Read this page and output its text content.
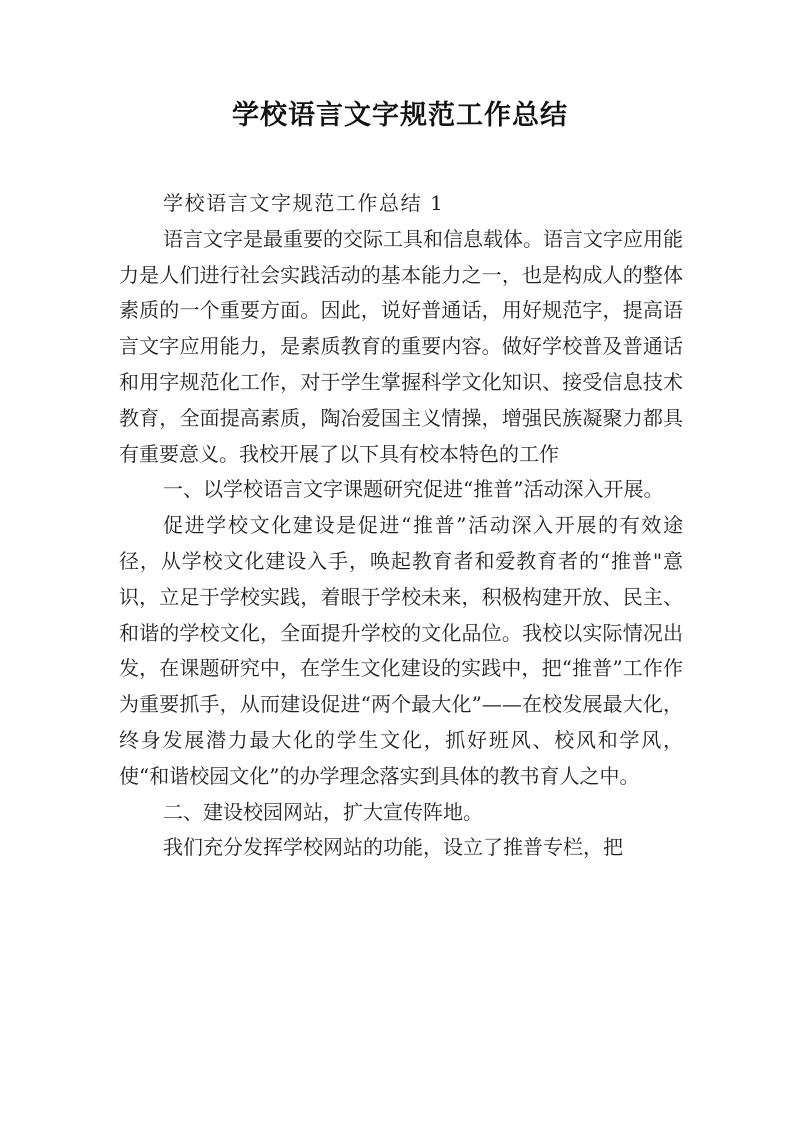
学校语言文字规范工作总结

学校语言文字规范工作总结 1

语言文字是最重要的交际工具和信息载体。语言文字应用能力是人们进行社会实践活动的基本能力之一，也是构成人的整体素质的一个重要方面。因此，说好普通话，用好规范字，提高语言文字应用能力，是素质教育的重要内容。做好学校普及普通话和用字规范化工作，对于学生掌握科学文化知识、接受信息技术教育，全面提高素质，陶冶爱国主义情操，增强民族凝聚力都具有重要意义。我校开展了以下具有校本特色的工作

一、以学校语言文字课题研究促进“推普”活动深入开展。

促进学校文化建设是促进“推普”活动深入开展的有效途径，从学校文化建设入手，唤起教育者和爱教育者的“推普"意识，立足于学校实践，着眼于学校未来，积极构建开放、民主、和谐的学校文化，全面提升学校的文化品位。我校以实际情况出发，在课题研究中，在学生文化建设的实践中，把“推普”工作作为重要抓手，从而建设促进“两个最大化”——在校发展最大化，终身发展潜力最大化的学生文化，抓好班风、校风和学风，使“和谐校园文化”的办学理念落实到具体的教书育人之中。

二、建设校园网站，扩大宣传阵地。

我们充分发挥学校网站的功能，设立了推普专栏，把
